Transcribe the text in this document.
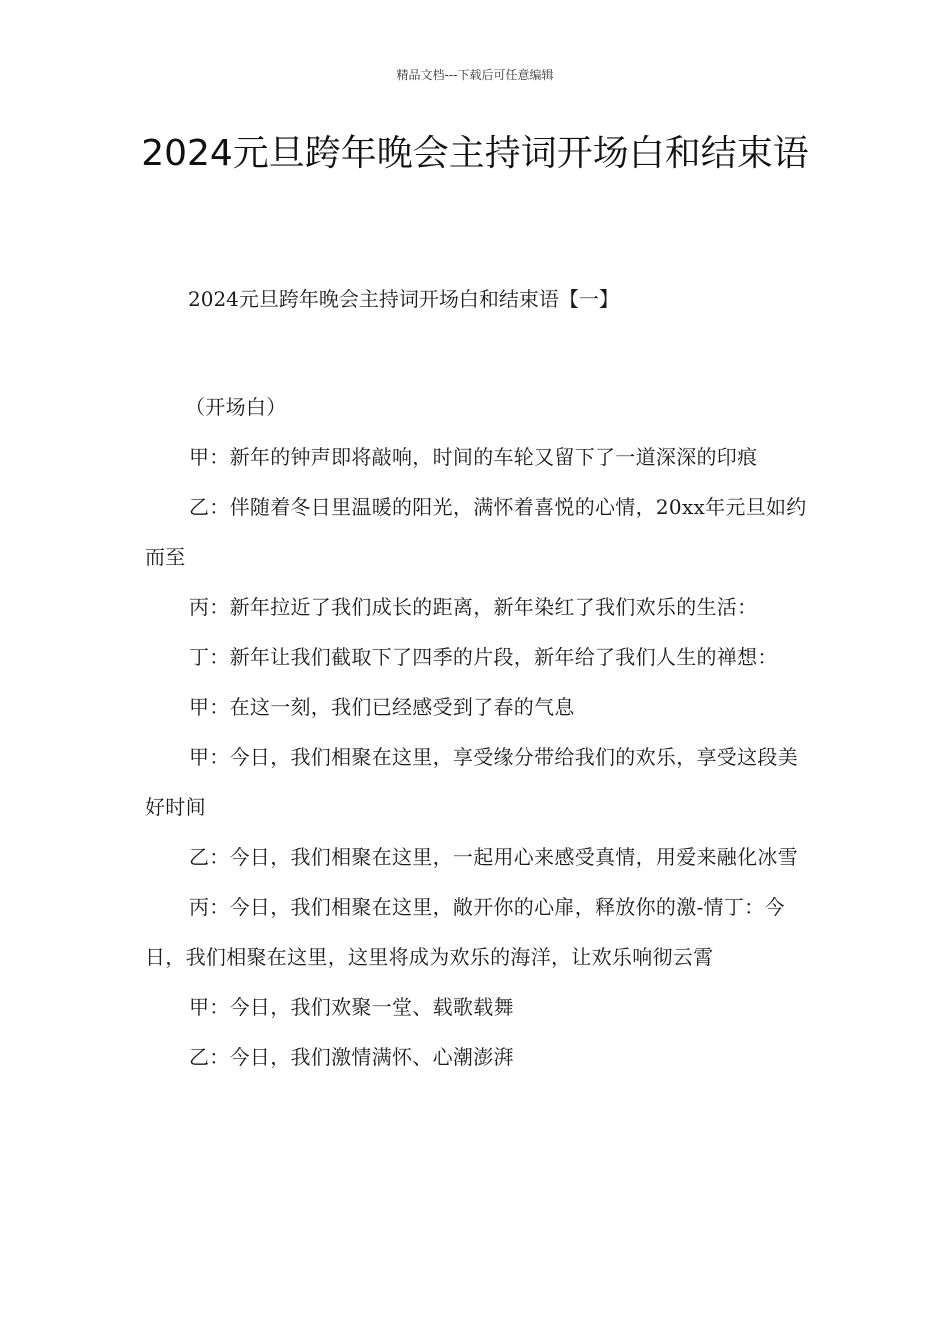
精品文档---下载后可任意编辑
2024元旦跨年晚会主持词开场白和结束语
2024元旦跨年晚会主持词开场白和结束语【一】

（开场白）

甲：新年的钟声即将敲响，时间的车轮又留下了一道深深的印痕

乙：伴随着冬日里温暖的阳光，满怀着喜悦的心情，20xx年元旦如约而至

丙：新年拉近了我们成长的距离，新年染红了我们欢乐的生活：

丁：新年让我们截取下了四季的片段，新年给了我们人生的禅想：

甲：在这一刻，我们已经感受到了春的气息

甲：今日，我们相聚在这里，享受缘分带给我们的欢乐，享受这段美好时间

乙：今日，我们相聚在这里，一起用心来感受真情，用爱来融化冰雪

丙：今日，我们相聚在这里，敞开你的心扉，释放你的激-情丁：今日，我们相聚在这里，这里将成为欢乐的海洋，让欢乐响彻云霄

甲：今日，我们欢聚一堂、载歌载舞

乙：今日，我们激情满怀、心潮澎湃
